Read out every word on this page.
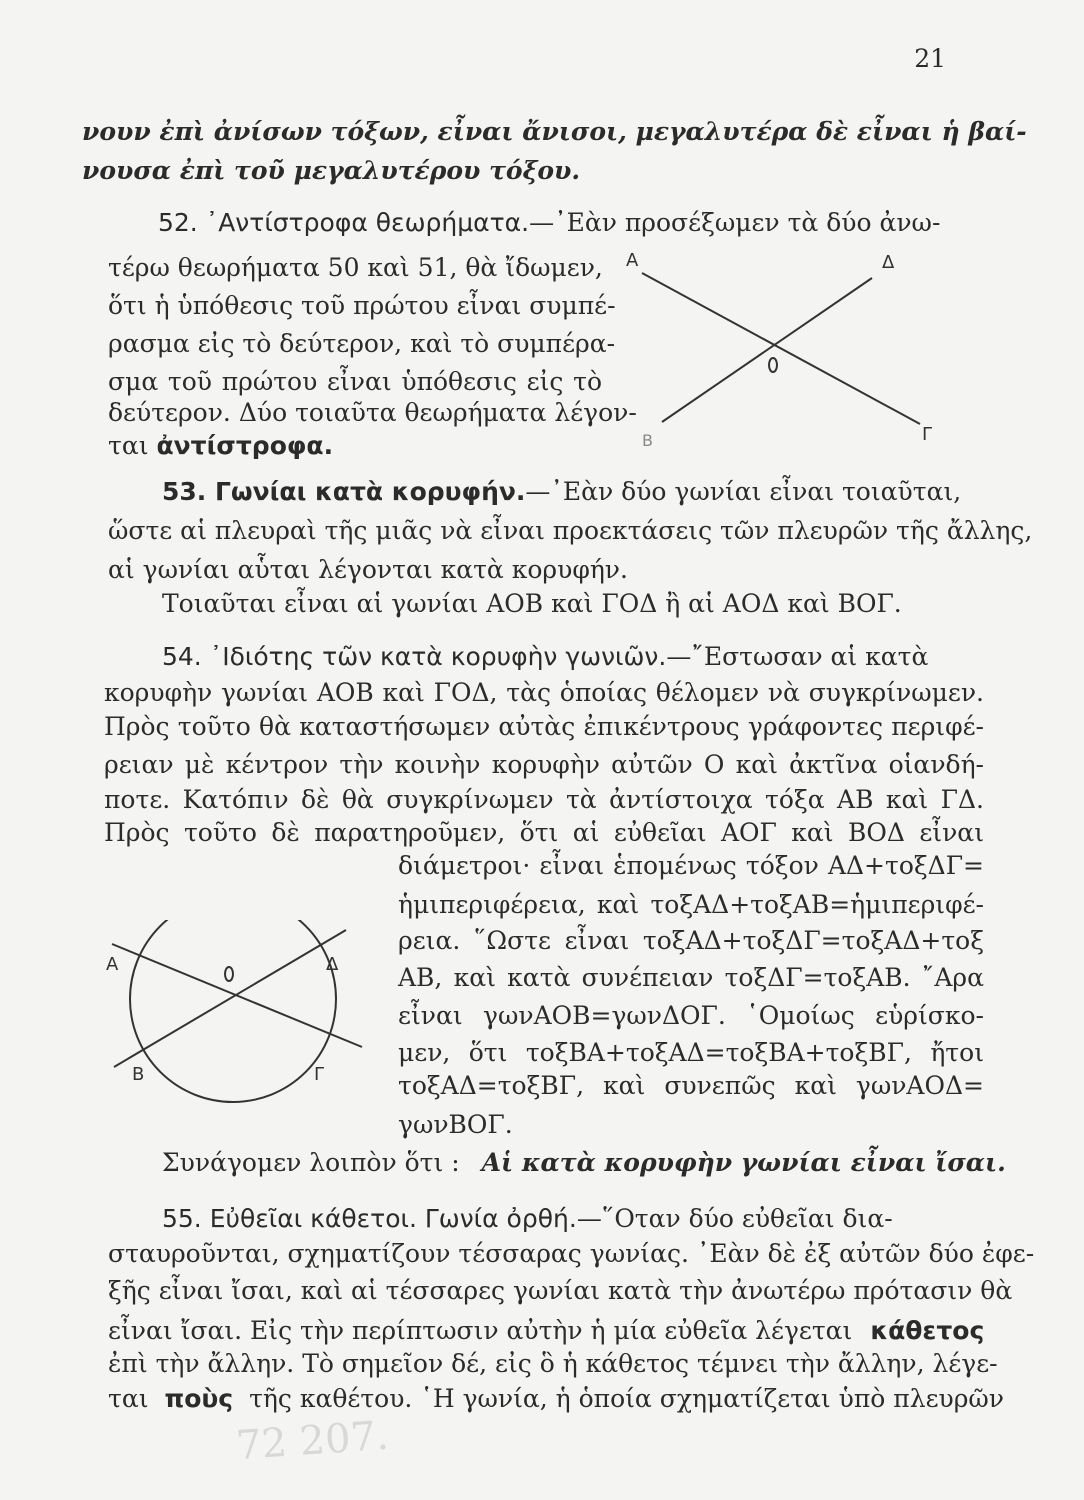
21
νουν ἐπὶ ἀνίσων τόξων, εἶναι ἄνισοι, μεγαλυτέρα δὲ εἶναι ἡ βαί-
νουσα ἐπὶ τοῦ μεγαλυτέρου τόξου.
52. ᾿Αντίστροφα θεωρήματα.—᾿Εὰν προσέξωμεν τὰ δύο ἀνω-
τέρω θεωρήματα 50 καὶ 51, θὰ ἴδωμεν,
ὅτι ἡ ὑπόθεσις τοῦ πρώτου εἶναι συμπέ-
ρασμα εἰς τὸ δεύτερον, καὶ τὸ συμπέρα-
σμα τοῦ πρώτου εἶναι ὑπόθεσις εἰς τὸ
δεύτερον. Δύο τοιαῦτα θεωρήματα λέγον-
ται ἀντίστροφα.
Α	Δ
Β	Γ
53. Γωνίαι κατὰ κορυφήν.—᾿Εὰν δύο γωνίαι εἶναι τοιαῦται,
ὥστε αἱ πλευραὶ τῆς μιᾶς νὰ εἶναι προεκτάσεις τῶν πλευρῶν τῆς ἄλλης,
αἱ γωνίαι αὗται λέγονται κατὰ κορυφήν.
Τοιαῦται εἶναι αἱ γωνίαι ΑΟΒ καὶ ΓΟΔ ἢ αἱ ΑΟΔ καὶ ΒΟΓ.
54. ᾿Ιδιότης τῶν κατὰ κορυφὴν γωνιῶν.—῎Εστωσαν αἱ κατὰ
κορυφὴν γωνίαι ΑΟΒ καὶ ΓΟΔ, τὰς ὁποίας θέλομεν νὰ συγκρίνωμεν.
Πρὸς τοῦτο θὰ καταστήσωμεν αὐτὰς ἐπικέντρους γράφοντες περιφέ-
ρειαν μὲ κέντρον τὴν κοινὴν κορυφὴν αὐτῶν Ο καὶ ἀκτῖνα οἱανδή-
ποτε. Κατόπιν δὲ θὰ συγκρίνωμεν τὰ ἀντίστοιχα τόξα ΑΒ καὶ ΓΔ.
Πρὸς τοῦτο δὲ παρατηροῦμεν, ὅτι αἱ εὐθεῖαι ΑΟΓ καὶ ΒΟΔ εἶναι
διάμετροι· εἶναι ἑπομένως τόξον ΑΔ+τοξΔΓ=
ἡμιπεριφέρεια, καὶ τοξΑΔ+τοξΑΒ=ἡμιπεριφέ-
ρεια. ῞Ωστε εἶναι τοξΑΔ+τοξΔΓ=τοξΑΔ+τοξ
ΑΒ, καὶ κατὰ συνέπειαν τοξΔΓ=τοξΑΒ. ῎Αρα
εἶναι γωνΑΟΒ=γωνΔΟΓ. ῾Ομοίως εὑρίσκο-
μεν, ὅτι τοξΒΑ+τοξΑΔ=τοξΒΑ+τοξΒΓ, ἤτοι
τοξΑΔ=τοξΒΓ, καὶ συνεπῶς καὶ γωνΑΟΔ=
γωνΒΟΓ.
Συνάγομεν λοιπὸν ὅτι : Αἱ κατὰ κορυφὴν γωνίαι εἶναι ἴσαι.
Α	Δ
Β	Γ
55. Εὐθεῖαι κάθετοι. Γωνία ὀρθή.—῞Οταν δύο εὐθεῖαι δια-
σταυροῦνται, σχηματίζουν τέσσαρας γωνίας. ᾿Εὰν δὲ ἐξ αὐτῶν δύο ἐφε-
ξῆς εἶναι ἴσαι, καὶ αἱ τέσσαρες γωνίαι κατὰ τὴν ἀνωτέρω πρότασιν θὰ
εἶναι ἴσαι. Εἰς τὴν περίπτωσιν αὐτὴν ἡ μία εὐθεῖα λέγεται κάθετος
ἐπὶ τὴν ἄλλην. Τὸ σημεῖον δέ, εἰς ὃ ἡ κάθετος τέμνει τὴν ἄλλην, λέγε-
ται ποὺς τῆς καθέτου. ῾Η γωνία, ἡ ὁποία σχηματίζεται ὑπὸ πλευρῶν
72 207.
